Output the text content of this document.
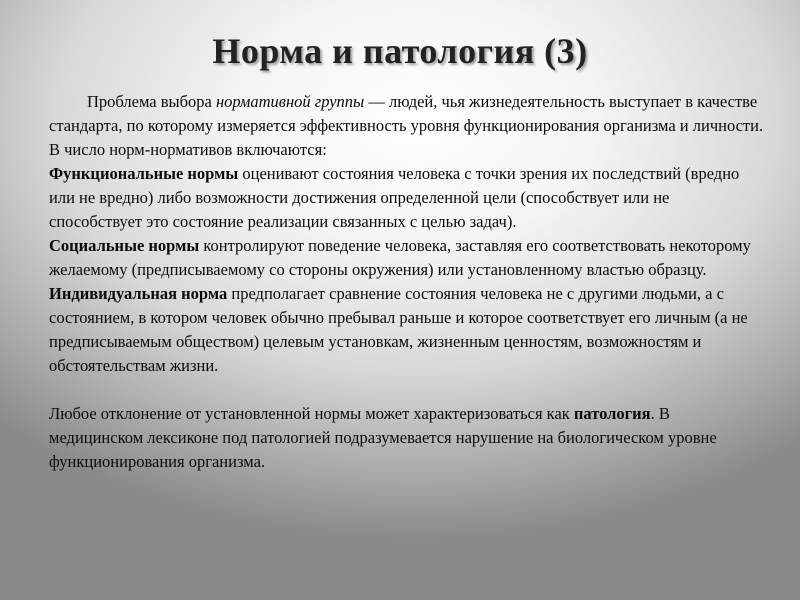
Норма и патология (3)

Проблема выбора нормативной группы — людей, чья жизнедеятельность выступает в качестве стандарта, по которому измеряется эффективность уровня функционирования организма и личности.

В число норм-нормативов включаются:

Функциональные нормы оценивают состояния человека с точки зрения их последствий (вредно или не вредно) либо возможности достижения определенной цели (способствует или не способствует это состояние реализации связанных с целью задач).

Социальные нормы контролируют поведение человека, заставляя его соответствовать некоторому желаемому (предписываемому со стороны окружения) или установленному властью образцу.

Индивидуальная норма предполагает сравнение состояния человека не с другими людьми, а с состоянием, в котором человек обычно пребывал раньше и которое соответствует его личным (а не предписываемым обществом) целевым установкам, жизненным ценностям, возможностям и обстоятельствам жизни.

Любое отклонение от установленной нормы может характеризоваться как патология. В медицинском лексиконе под патологией подразумевается нарушение на биологическом уровне функционирования организма.
